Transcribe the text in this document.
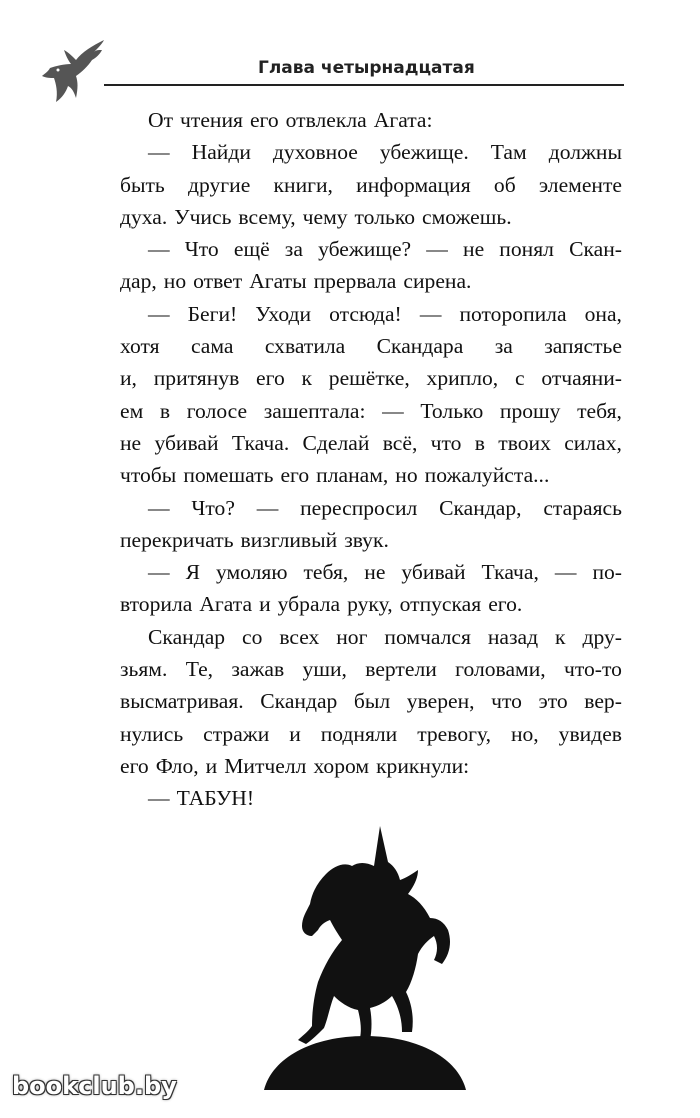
Глава четырнадцатая
От чтения его отвлекла Агата:
— Найди духовное убежище. Там должны
быть другие книги, информация об элементе
духа. Учись всему, чему только сможешь.
— Что ещё за убежище? — не понял Скан-
дар, но ответ Агаты прервала сирена.
— Беги! Уходи отсюда! — поторопила она,
хотя сама схватила Скандара за запястье
и, притянув его к решётке, хрипло, с отчаяни-
ем в голосе зашептала: — Только прошу тебя,
не убивай Ткача. Сделай всё, что в твоих силах,
чтобы помешать его планам, но пожалуйста...
— Что? — переспросил Скандар, стараясь
перекричать визгливый звук.
— Я умоляю тебя, не убивай Ткача, — по-
вторила Агата и убрала руку, отпуская его.
Скандар со всех ног помчался назад к дру-
зьям. Те, зажав уши, вертели головами, что-то
высматривая. Скандар был уверен, что это вер-
нулись стражи и подняли тревогу, но, увидев
его Фло, и Митчелл хором крикнули:
— ТАБУН!
bookclub.by
